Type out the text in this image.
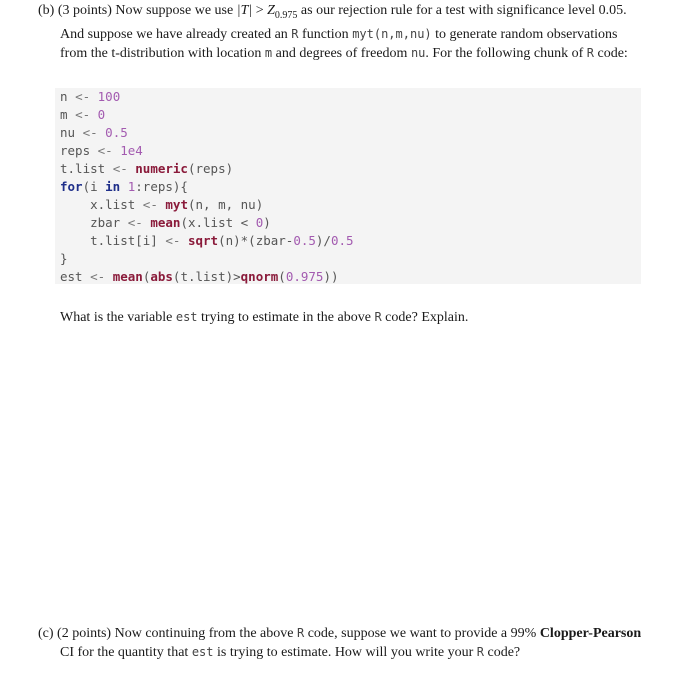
(b) (3 points) Now suppose we use $|T| > Z_{0.975}$ as our rejection rule for a test with significance level 0.05. And suppose we have already created an R function myt(n,m,nu) to generate random observations from the t-distribution with location m and degrees of freedom nu. For the following chunk of R code:
n <- 100
m <- 0
nu <- 0.5
reps <- 1e4
t.list <- numeric(reps)
for(i in 1:reps){
x.list <- myt(n, m, nu)
zbar <- mean(x.list < 0)
t.list[i] <- sqrt(n)*(zbar-0.5)/0.5
}
est <- mean(abs(t.list)>qnorm(0.975))
What is the variable est trying to estimate in the above R code? Explain.
(c) (2 points) Now continuing from the above R code, suppose we want to provide a 99% Clopper-Pearson CI for the quantity that est is trying to estimate. How will you write your R code?
